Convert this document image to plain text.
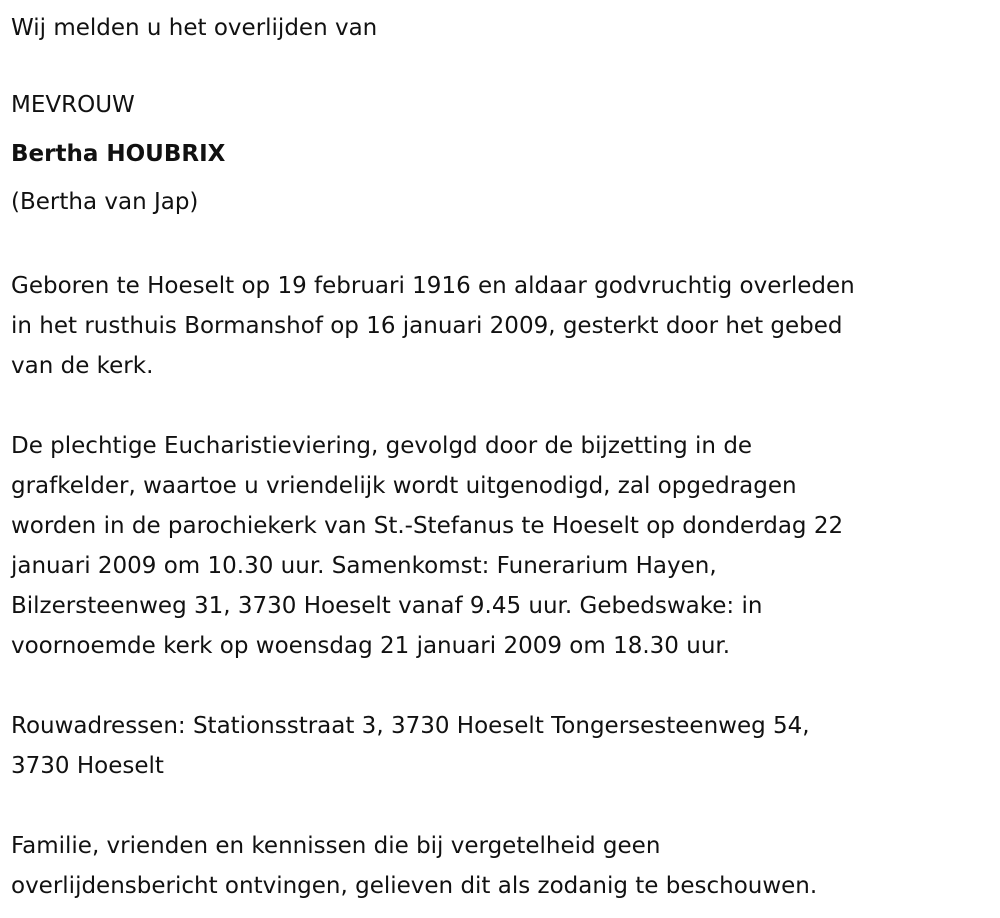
Wij melden u het overlijden van

MEVROUW

Bertha HOUBRIX

(Bertha van Jap)

Geboren te Hoeselt op 19 februari 1916 en aldaar godvruchtig overleden

in het rusthuis Bormanshof op 16 januari 2009, gesterkt door het gebed

van de kerk.

De plechtige Eucharistieviering, gevolgd door de bijzetting in de

grafkelder, waartoe u vriendelijk wordt uitgenodigd, zal opgedragen

worden in de parochiekerk van St.-Stefanus te Hoeselt op donderdag 22

januari 2009 om 10.30 uur. Samenkomst: Funerarium Hayen,

Bilzersteenweg 31, 3730 Hoeselt vanaf 9.45 uur. Gebedswake: in

voornoemde kerk op woensdag 21 januari 2009 om 18.30 uur.

Rouwadressen: Stationsstraat 3, 3730 Hoeselt Tongersesteenweg 54,

3730 Hoeselt

Familie, vrienden en kennissen die bij vergetelheid geen

overlijdensbericht ontvingen, gelieven dit als zodanig te beschouwen.
